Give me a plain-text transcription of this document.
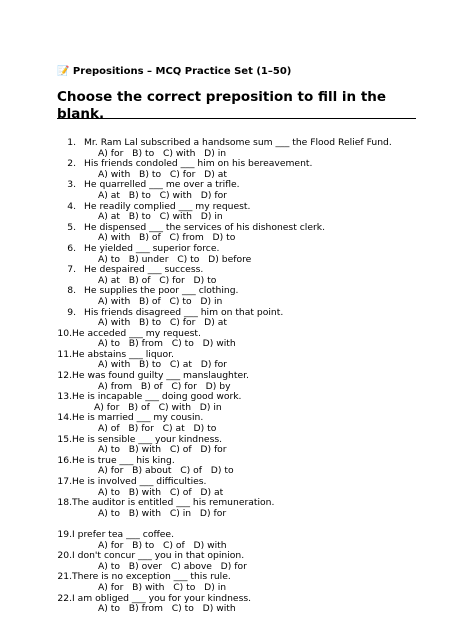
📝 Prepositions – MCQ Practice Set (1–50)
Choose the correct preposition to fill in the blank.
1. Mr. Ram Lal subscribed a handsome sum ___ the Flood Relief Fund.
A) for   B) to   C) with   D) in
2. His friends condoled ___ him on his bereavement.
A) with   B) to   C) for   D) at
3. He quarrelled ___ me over a trifle.
A) at   B) to   C) with   D) for
4. He readily complied ___ my request.
A) at   B) to   C) with   D) in
5. He dispensed ___ the services of his dishonest clerk.
A) with   B) of   C) from   D) to
6. He yielded ___ superior force.
A) to   B) under   C) to   D) before
7. He despaired ___ success.
A) at   B) of   C) for   D) to
8. He supplies the poor ___ clothing.
A) with   B) of   C) to   D) in
9. His friends disagreed ___ him on that point.
A) with   B) to   C) for   D) at
10.He acceded ___ my request.
A) to   B) from   C) to   D) with
11.He abstains ___ liquor.
A) with   B) to   C) at   D) for
12.He was found guilty ___ manslaughter.
A) from   B) of   C) for   D) by
13.He is incapable ___ doing good work.
A) for   B) of   C) with   D) in
14.He is married ___ my cousin.
A) of   B) for   C) at   D) to
15.He is sensible ___ your kindness.
A) to   B) with   C) of   D) for
16.He is true ___ his king.
A) for   B) about   C) of   D) to
17.He is involved ___ difficulties.
A) to   B) with   C) of   D) at
18.The auditor is entitled ___ his remuneration.
A) to   B) with   C) in   D) for
19.I prefer tea ___ coffee.
A) for   B) to   C) of   D) with
20.I don't concur ___ you in that opinion.
A) to   B) over   C) above   D) for
21.There is no exception ___ this rule.
A) for   B) with   C) to   D) in
22.I am obliged ___ you for your kindness.
A) to   B) from   C) to   D) with
